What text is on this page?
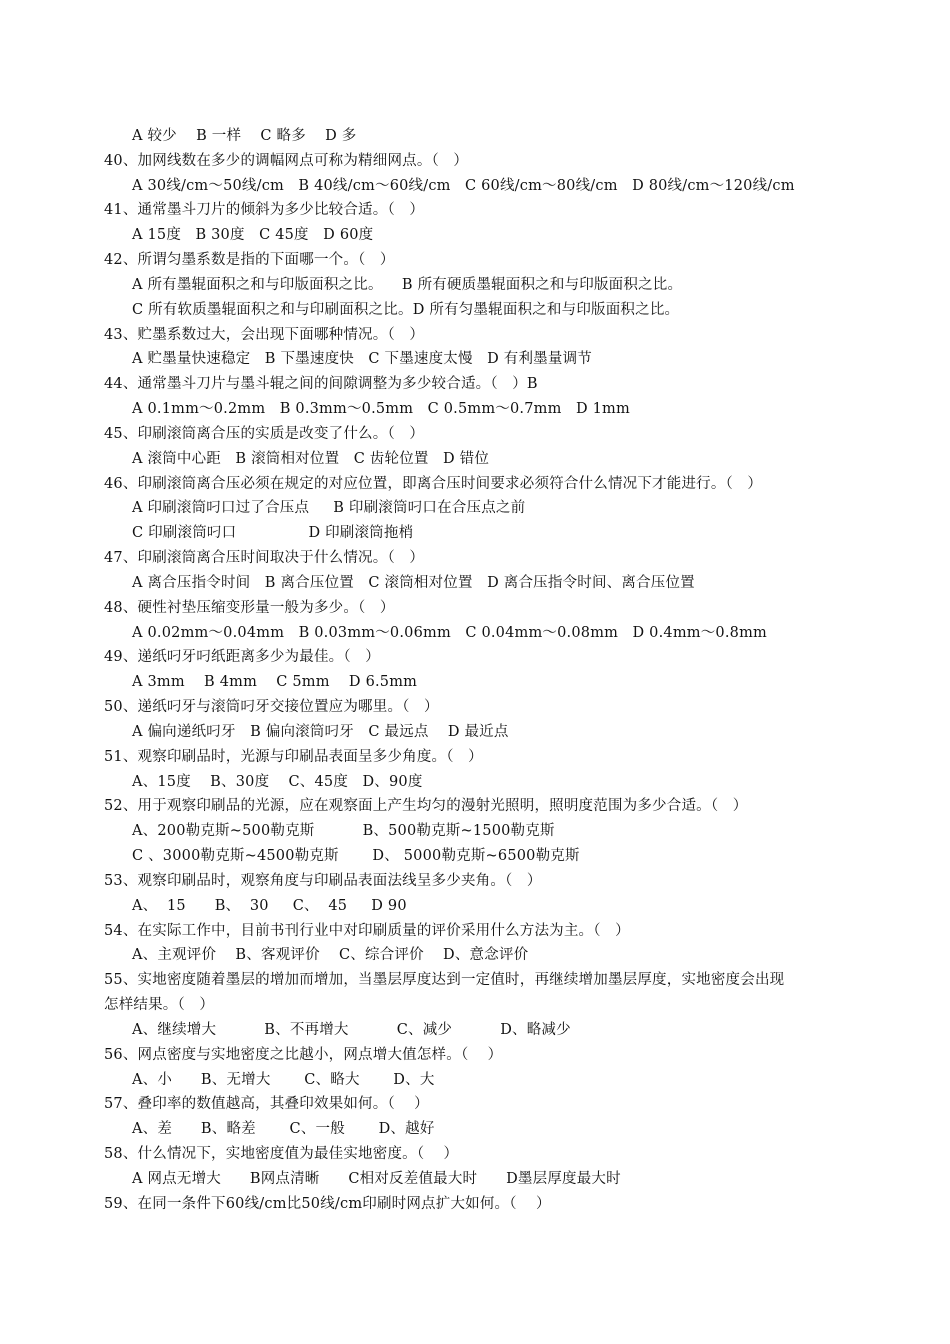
A 较少    B 一样    C 略多    D 多
40、加网线数在多少的调幅网点可称为精细网点。（   ）
A 30线/cm～50线/cm   B 40线/cm～60线/cm   C 60线/cm～80线/cm   D 80线/cm～120线/cm
41、通常墨斗刀片的倾斜为多少比较合适。（   ）
A 15度   B 30度   C 45度   D 60度
42、所谓匀墨系数是指的下面哪一个。（   ）
A 所有墨辊面积之和与印版面积之比。    B 所有硬质墨辊面积之和与印版面积之比。
C 所有软质墨辊面积之和与印刷面积之比。D 所有匀墨辊面积之和与印版面积之比。
43、贮墨系数过大，会出现下面哪种情况。（   ）
A 贮墨量快速稳定   B 下墨速度快   C 下墨速度太慢   D 有利墨量调节
44、通常墨斗刀片与墨斗辊之间的间隙调整为多少较合适。（   ）B
A 0.1mm～0.2mm   B 0.3mm～0.5mm   C 0.5mm～0.7mm   D 1mm
45、印刷滚筒离合压的实质是改变了什么。（   ）
A 滚筒中心距   B 滚筒相对位置   C 齿轮位置   D 错位
46、印刷滚筒离合压必须在规定的对应位置，即离合压时间要求必须符合什么情况下才能进行。（   ）
A 印刷滚筒叼口过了合压点     B 印刷滚筒叼口在合压点之前
C 印刷滚筒叼口               D 印刷滚筒拖梢
47、印刷滚筒离合压时间取决于什么情况。（   ）
A 离合压指令时间   B 离合压位置   C 滚筒相对位置   D 离合压指令时间、离合压位置
48、硬性衬垫压缩变形量一般为多少。（   ）
A 0.02mm～0.04mm   B 0.03mm～0.06mm   C 0.04mm～0.08mm   D 0.4mm～0.8mm
49、递纸叼牙叼纸距离多少为最佳。（   ）
A 3mm    B 4mm    C 5mm    D 6.5mm
50、递纸叼牙与滚筒叼牙交接位置应为哪里。（   ）
A 偏向递纸叼牙   B 偏向滚筒叼牙   C 最远点    D 最近点
51、观察印刷品时，光源与印刷品表面呈多少角度。（   ）
A、15度    B、30度    C、45度   D、90度
52、用于观察印刷品的光源，应在观察面上产生均匀的漫射光照明，照明度范围为多少合适。（   ）
A、200勒克斯~500勒克斯          B、500勒克斯~1500勒克斯
C 、3000勒克斯~4500勒克斯       D、 5000勒克斯~6500勒克斯
53、观察印刷品时，观察角度与印刷品表面法线呈多少夹角。（   ）
A、  15      B、  30     C、  45     D 90
54、在实际工作中，目前书刊行业中对印刷质量的评价采用什么方法为主。（   ）
A、主观评价    B、客观评价    C、综合评价    D、意念评价
55、实地密度随着墨层的增加而增加，当墨层厚度达到一定值时，再继续增加墨层厚度，实地密度会出现
怎样结果。（   ）
A、继续增大          B、不再增大          C、减少          D、略减少
56、网点密度与实地密度之比越小，网点增大值怎样。（    ）
A、小      B、无增大       C、略大       D、大
57、叠印率的数值越高，其叠印效果如何。（    ）
A、差      B、略差       C、一般       D、越好
58、什么情况下，实地密度值为最佳实地密度。（    ）
A 网点无增大      B网点清晰      C相对反差值最大时      D墨层厚度最大时
59、在同一条件下60线/cm比50线/cm印刷时网点扩大如何。（    ）
